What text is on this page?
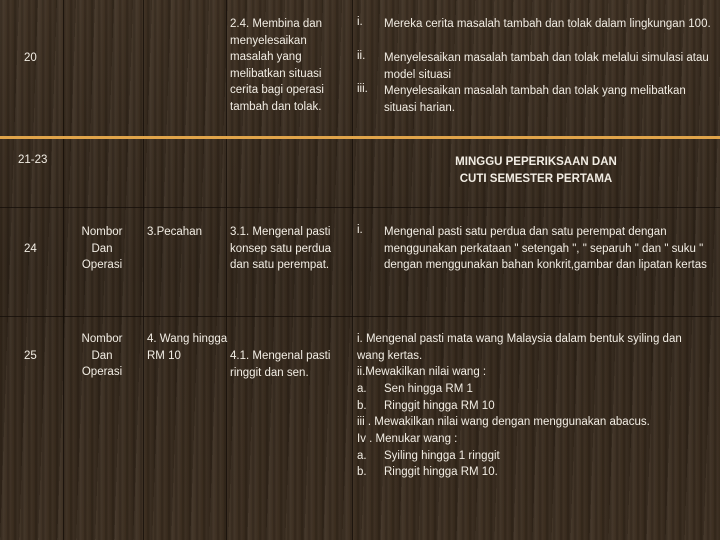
20
2.4. Membina dan menyelesaikan masalah yang melibatkan situasi cerita bagi operasi tambah dan tolak.
i. Mereka cerita masalah tambah dan tolak dalam lingkungan 100.
ii. Menyelesaikan masalah tambah dan tolak melalui simulasi atau model situasi
iii. Menyelesaikan masalah tambah dan tolak yang melibatkan situasi harian.
21-23	MINGGU PEPERIKSAAN DAN
CUTI SEMESTER PERTAMA
24
Nombor Dan Operasi
3.Pecahan 3.1. Mengenal pasti konsep satu perdua dan satu perempat.
i. Mengenal pasti satu perdua dan satu perempat dengan menggunakan perkataan " setengah ", " separuh " dan " suku " dengan menggunakan bahan konkrit,gambar dan lipatan kertas
25
Nombor Dan Operasi
4. Wang hingga RM 10	4.1. Mengenal pasti ringgit dan sen.
i. Mengenal pasti mata wang Malaysia dalam bentuk syiling dan wang kertas.
ii.Mewakilkan nilai wang :
a. Sen hingga RM 1
b. Ringgit hingga RM 10
iii . Mewakilkan nilai wang dengan menggunakan abacus.
Iv . Menukar wang :
a. Syiling hingga 1 ringgit
b. Ringgit hingga RM 10.
